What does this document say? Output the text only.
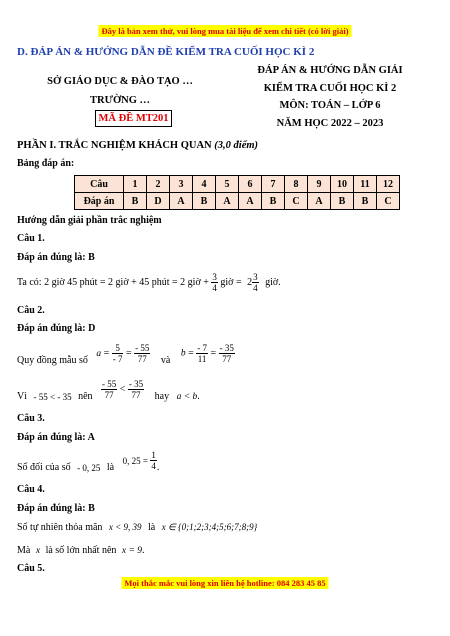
Đây là bản xem thử, vui lòng mua tài liệu để xem chi tiết (có lời giải)
D. ĐÁP ÁN & HƯỚNG DẪN ĐỀ KIỂM TRA CUỐI HỌC KÌ 2
SỞ GIÁO DỤC & ĐÀO TẠO …
TRƯỜNG …
MÃ ĐỀ MT201
ĐÁP ÁN & HƯỚNG DẪN GIẢI
KIỂM TRA CUỐI HỌC KÌ 2
MÔN: TOÁN – LỚP 6
NĂM HỌC 2022 – 2023
PHẦN I. TRẮC NGHIỆM KHÁCH QUAN (3,0 điểm)
Bảng đáp án:
Câu	1	2	3	4	5	6	7	8	9	10	11	12
Đáp án	B	D	A	B	A	A	B	C	A	B	B	C
Hướng dẫn giải phần trắc nghiệm
Câu 1.
Đáp án đúng là: B
Ta có: 2 giờ 45 phút = 2 giờ + 45 phút = 2 giờ + $\frac{3}{4}$ giờ = $2 \frac{3}{4}$ giờ.
Câu 2.
Đáp án đúng là: D
Quy đồng mẫu số $a = \frac{5}{- 7} = \frac{- 55}{77}$ và $b = \frac{- 7}{11} = \frac{- 35}{77}$
Vì - 55 < - 35 nên $\frac{- 55}{77} < \frac{- 35}{77}$ hay a < b.
Câu 3.
Đáp án đúng là: A
Số đối của số - 0, 25 là 0, $25 = \frac{1}{4}$ .
Câu 4.
Đáp án đúng là: B
Số tự nhiên thỏa mãn x < 9, 39 là x ∈ {0;1;2;3;4;5;6;7;8;9}
Mà x là số lớn nhất nên x = 9.
Câu 5.
Mọi thắc mắc vui lòng xin liên hệ hotline: 084 283 45 85
